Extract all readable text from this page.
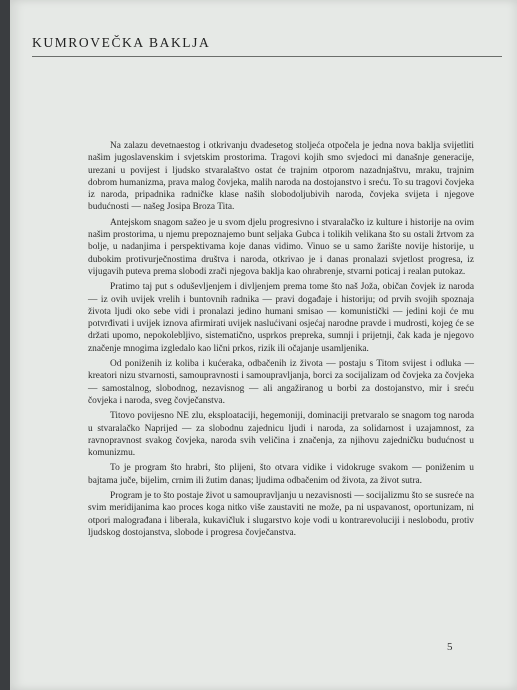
KUMROVEČKA BAKLJA

Na zalazu devetnaestog i otkrivanju dvadesetog stoljeća otpočela je jedna nova baklja svijetliti našim jugoslavenskim i svjetskim prostorima. Tragovi kojih smo svjedoci mi današnje generacije, urezani u povijest i ljudsko stvaralaštvo ostat će trajnim otporom nazadnjaštvu, mraku, trajnim dobrom humanizma, prava malog čovjeka, malih naroda na dostojanstvo i sreću. To su tragovi čovjeka iz naroda, pripadnika radničke klase naših slobodoljubivih naroda, čovjeka svijeta i njegove budućnosti — našeg Josipa Broza Tita.

Antejskom snagom sažeo je u svom djelu progresivno i stvaralačko iz kulture i historije na ovim našim prostorima, u njemu prepoznajemo bunt seljaka Gubca i tolikih velikana što su ostali žrtvom za bolje, u nadanjima i perspektivama koje danas vidimo. Vinuo se u samo žarište novije historije, u dubokim protivurječnostima društva i naroda, otkrivao je i danas pronalazi svjetlost progresa, iz vijugavih puteva prema slobodi zrači njegova baklja kao ohrabrenje, stvarni poticaj i realan putokaz.

Pratimo taj put s oduševljenjem i divljenjem prema tome što naš Joža, običan čovjek iz naroda — iz ovih uvijek vrelih i buntovnih radnika — pravi događaje i historiju; od prvih svojih spoznaja života ljudi oko sebe vidi i pronalazi jedino humani smisao — komunistički — jedini koji će mu potvrđivati i uvijek iznova afirmirati uvijek naslućivani osjećaj narodne pravde i mudrosti, kojeg će se držati upomo, nepokolebljivo, sistematično, usprkos prepreka, sumnji i prijetnji, čak kada je njegovo značenje mnogima izgledalo kao lični prkos, rizik ili očajanje usamljenika.

Od poniženih iz koliba i kućeraka, odbačenih iz života — postaju s Titom svijest i odluka — kreatori nizu stvarnosti, samoupravnosti i samoupravljanja, borci za socijalizam od čovjeka za čovjeka — samostalnog, slobodnog, nezavisnog — ali angažiranog u borbi za dostojanstvo, mir i sreću čovjeka i naroda, sveg čovječanstva.

Titovo povijesno NE zlu, eksploataciji, hegemoniji, dominaciji pretvaralo se snagom tog naroda u stvaralačko Naprijed — za slobodnu zajednicu ljudi i naroda, za solidarnost i uzajamnost, za ravnopravnost svakog čovjeka, naroda svih veličina i značenja, za njihovu zajedničku budućnost u komunizmu.

To je program što hrabri, što plijeni, što otvara vidike i vidokruge svakom — poniženim u bajtama juče, bijelim, crnim ili žutim danas; ljudima odbačenim od života, za život sutra.

Program je to što postaje život u samoupravljanju u nezavisnosti — socijalizmu što se susreće na svim meridijanima kao proces koga nitko više zaustaviti ne može, pa ni uspavanost, oportunizam, ni otpori malograđana i liberala, kukavičluk i slugarstvo koje vodi u kontrarevoluciji i neslobodu, protiv ljudskog dostojanstva, slobode i progresa čovječanstva.

5
